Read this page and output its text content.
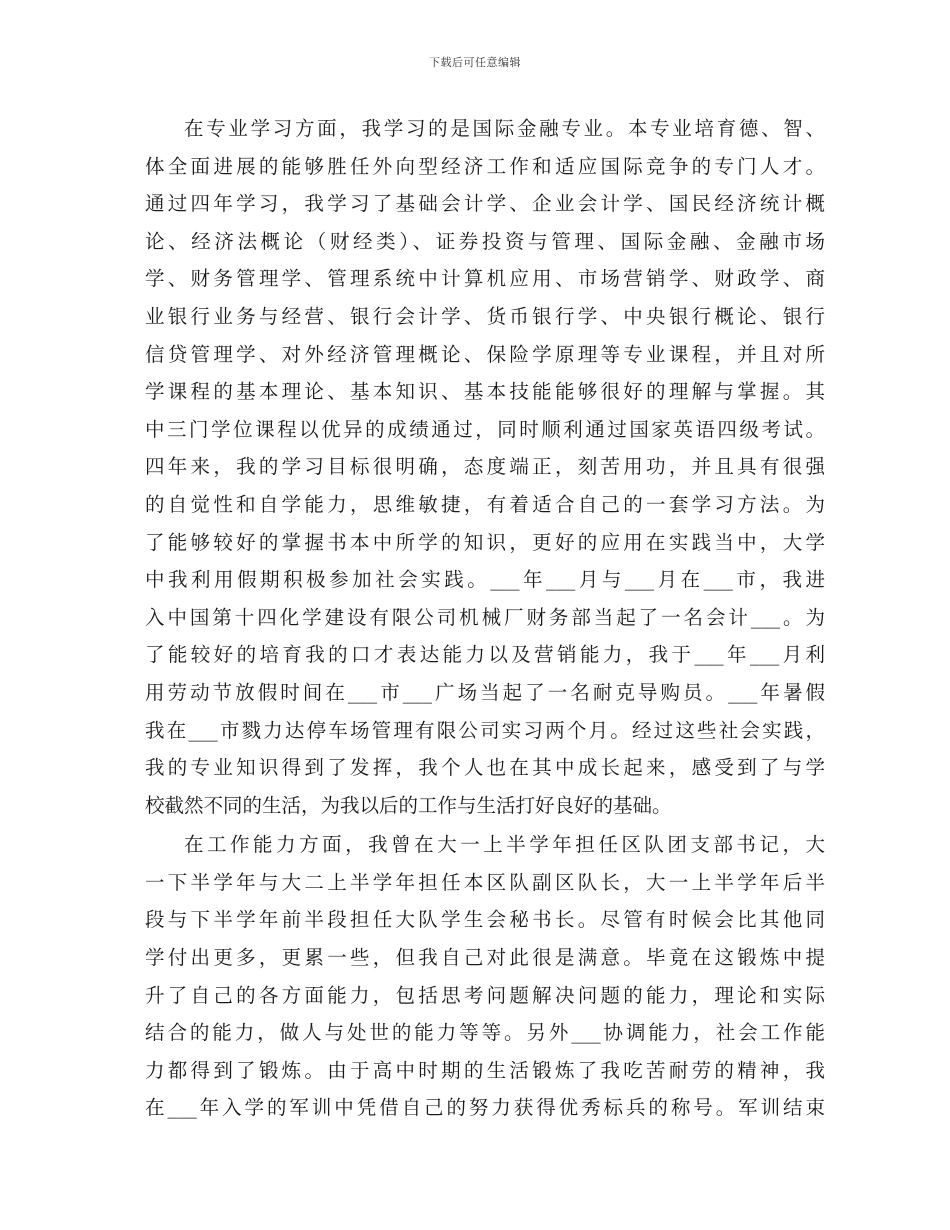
下载后可任意编辑
在专业学习方面，我学习的是国际金融专业。本专业培育德、智、
体全面进展的能够胜任外向型经济工作和适应国际竞争的专门人才。
通过四年学习，我学习了基础会计学、企业会计学、国民经济统计概
论、经济法概论（财经类）、证券投资与管理、国际金融、金融市场
学、财务管理学、管理系统中计算机应用、市场营销学、财政学、商
业银行业务与经营、银行会计学、货币银行学、中央银行概论、银行
信贷管理学、对外经济管理概论、保险学原理等专业课程，并且对所
学课程的基本理论、基本知识、基本技能能够很好的理解与掌握。其
中三门学位课程以优异的成绩通过，同时顺利通过国家英语四级考试。
四年来，我的学习目标很明确，态度端正，刻苦用功，并且具有很强
的自觉性和自学能力，思维敏捷，有着适合自己的一套学习方法。为
了能够较好的掌握书本中所学的知识，更好的应用在实践当中，大学
中我利用假期积极参加社会实践。___年___月与___月在___市，我进
入中国第十四化学建设有限公司机械厂财务部当起了一名会计___。为
了能较好的培育我的口才表达能力以及营销能力，我于___年___月利
用劳动节放假时间在___市___广场当起了一名耐克导购员。___年暑假
我在___市戮力达停车场管理有限公司实习两个月。经过这些社会实践，
我的专业知识得到了发挥，我个人也在其中成长起来，感受到了与学
校截然不同的生活，为我以后的工作与生活打好良好的基础。
在工作能力方面，我曾在大一上半学年担任区队团支部书记，大
一下半学年与大二上半学年担任本区队副区队长，大一上半学年后半
段与下半学年前半段担任大队学生会秘书长。尽管有时候会比其他同
学付出更多，更累一些，但我自己对此很是满意。毕竟在这锻炼中提
升了自己的各方面能力，包括思考问题解决问题的能力，理论和实际
结合的能力，做人与处世的能力等等。另外___协调能力，社会工作能
力都得到了锻炼。由于高中时期的生活锻炼了我吃苦耐劳的精神，我
在___年入学的军训中凭借自己的努力获得优秀标兵的称号。军训结束
